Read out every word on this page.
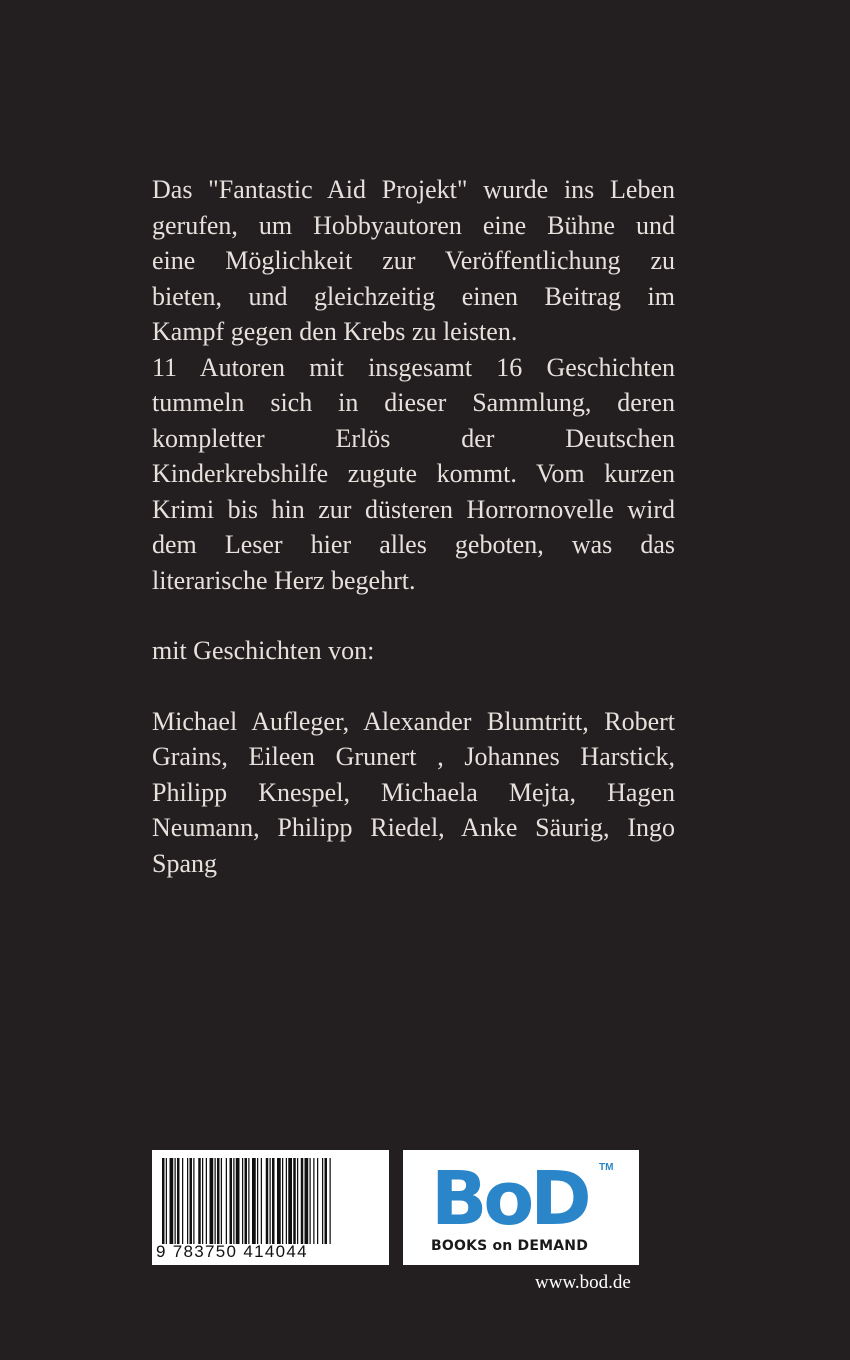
Das "Fantastic Aid Projekt" wurde ins Leben

gerufen, um Hobbyautoren eine Bühne und

eine Möglichkeit zur Veröffentlichung zu

bieten, und gleichzeitig einen Beitrag im

Kampf gegen den Krebs zu leisten.

11 Autoren mit insgesamt 16 Geschichten

tummeln sich in dieser Sammlung, deren

kompletter Erlös der Deutschen

Kinderkrebshilfe zugute kommt. Vom kurzen

Krimi bis hin zur düsteren Horrornovelle wird

dem Leser hier alles geboten, was das

literarische Herz begehrt.

mit Geschichten von:

Michael Aufleger, Alexander Blumtritt, Robert

Grains, Eileen Grunert , Johannes Harstick,

Philipp Knespel, Michaela Mejta, Hagen

Neumann, Philipp Riedel, Anke Säurig, Ingo

Spang

9 783750 414044
BoD TM
BOOKS on DEMAND
www.bod.de
